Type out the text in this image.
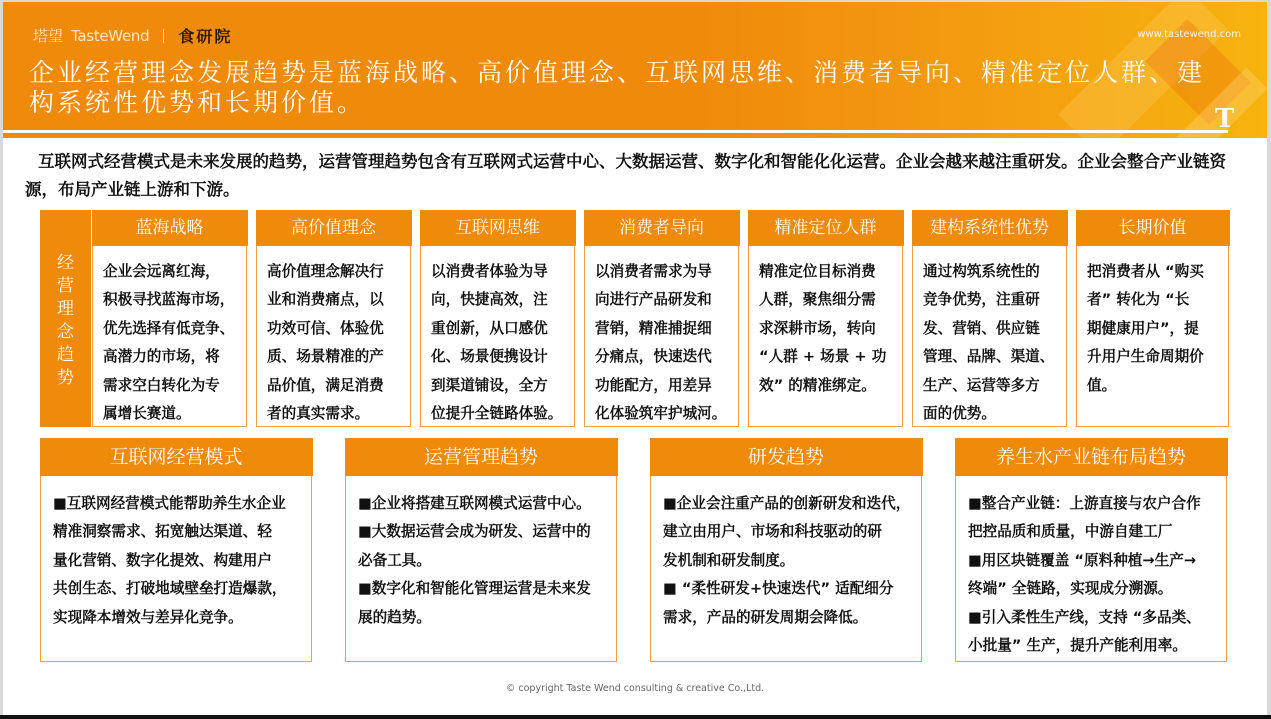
塔望 TasteWend 食研院	www.tastewend.com
企业经营理念发展趋势是蓝海战略、高价值理念、互联网思维、消费者导向、精准定位人群、建构系统性优势和长期价值。
T
互联网式经营模式是未来发展的趋势，运营管理趋势包含有互联网式运营中心、大数据运营、数字化和智能化化运营。企业会越来越注重研发。企业会整合产业链资源，布局产业链上游和下游。
经
营
理
念
趋
势
蓝海战略
企业会远离红海，
积极寻找蓝海市场，
优先选择有低竞争、
高潜力的市场，将
需求空白转化为专
属增长赛道。
高价值理念
高价值理念解决行
业和消费痛点，以
功效可信、体验优
质、场景精准的产
品价值，满足消费
者的真实需求。
互联网思维
以消费者体验为导
向，快捷高效，注
重创新，从口感优
化、场景便携设计
到渠道铺设，全方
位提升全链路体验。
消费者导向
以消费者需求为导
向进行产品研发和
营销，精准捕捉细
分痛点，快速迭代
功能配方，用差异
化体验筑牢护城河。
精准定位人群
精准定位目标消费
人群，聚焦细分需
求深耕市场，转向
“人群 + 场景 + 功
效” 的精准绑定。
建构系统性优势
通过构筑系统性的
竞争优势，注重研
发、营销、供应链
管理、品牌、渠道、
生产、运营等多方
面的优势。
长期价值
把消费者从 “购买
者” 转化为 “长
期健康用户”，提
升用户生命周期价
值。
互联网经营模式
■互联网经营模式能帮助养生水企业
精准洞察需求、拓宽触达渠道、轻
量化营销、数字化提效、构建用户
共创生态、打破地域壁垒打造爆款，
实现降本增效与差异化竞争。
运营管理趋势
■企业将搭建互联网模式运营中心。
■大数据运营会成为研发、运营中的
必备工具。
■数字化和智能化管理运营是未来发
展的趋势。
研发趋势
■企业会注重产品的创新研发和迭代，
建立由用户、市场和科技驱动的研
发机制和研发制度。
■ “柔性研发+快速迭代” 适配细分
需求，产品的研发周期会降低。
养生水产业链布局趋势
■整合产业链：上游直接与农户合作
把控品质和质量，中游自建工厂
■用区块链覆盖 “原料种植→生产→
终端” 全链路，实现成分溯源。
■引入柔性生产线，支持 “多品类、
小批量” 生产，提升产能利用率。
© copyright Taste Wend consulting & creative Co.,Ltd.
